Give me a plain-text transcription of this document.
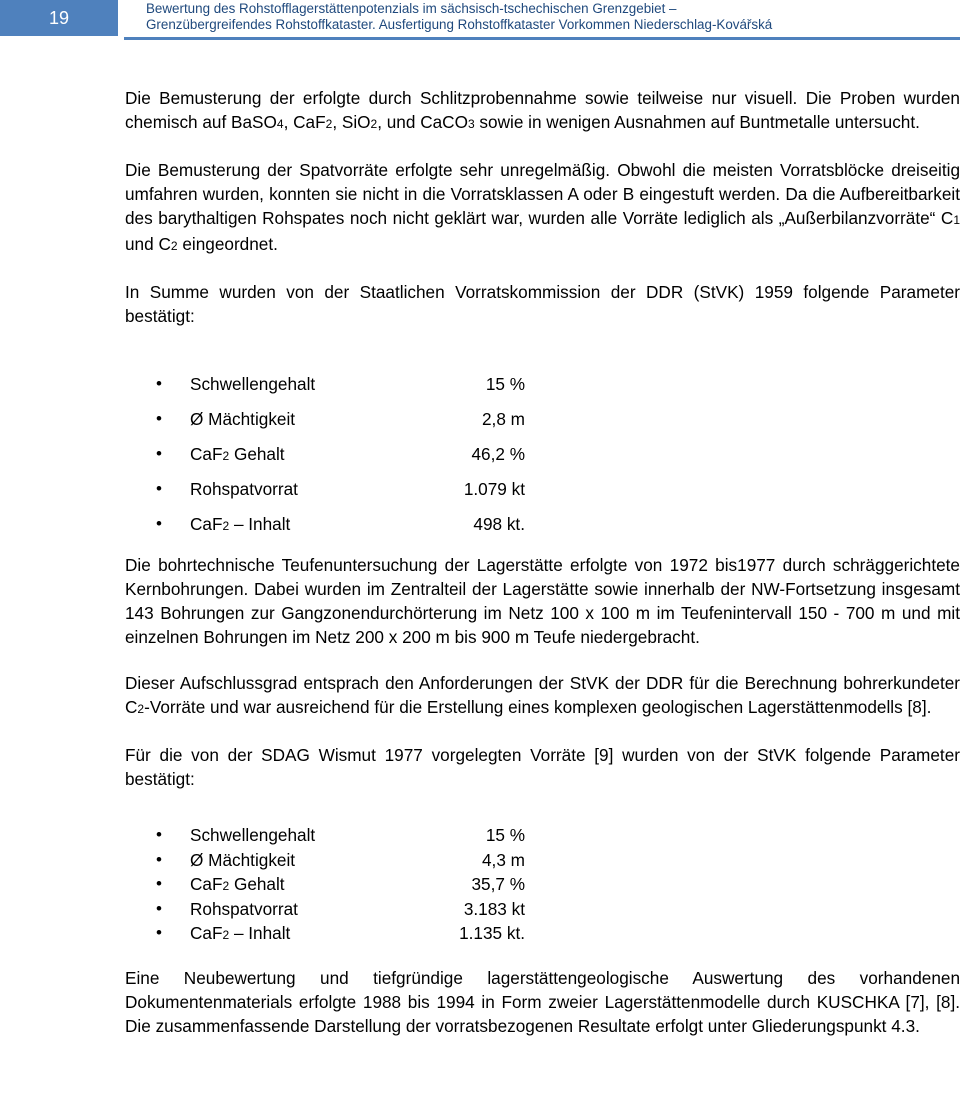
19	Bewertung des Rohstofflagerstättenpotenzials im sächsisch-tschechischen Grenzgebiet –
Grenzübergreifendes Rohstoffkataster. Ausfertigung Rohstoffkataster Vorkommen Niederschlag-Kovářská

Die Bemusterung der erfolgte durch Schlitzprobennahme sowie teilweise nur visuell. Die Proben wurden chemisch auf BaSO4, CaF2, SiO2, und CaCO3 sowie in wenigen Ausnahmen auf Buntmetalle untersucht.

Die Bemusterung der Spatvorräte erfolgte sehr unregelmäßig. Obwohl die meisten Vorratsblöcke dreiseitig umfahren wurden, konnten sie nicht in die Vorratsklassen A oder B eingestuft werden. Da die Aufbereitbarkeit des barythaltigen Rohspates noch nicht geklärt war, wurden alle Vorräte lediglich als „Außerbilanzvorräte“ C1 und C2 eingeordnet.

In Summe wurden von der Staatlichen Vorratskommission der DDR (StVK) 1959 folgende Parameter bestätigt:

• Schwellengehalt	15 %
• Ø Mächtigkeit	2,8 m
• CaF2 Gehalt	46,2 %
• Rohspatvorrat	1.079 kt
• CaF2 – Inhalt	498 kt.

Die bohrtechnische Teufenuntersuchung der Lagerstätte erfolgte von 1972 bis1977 durch schräggerichtete Kernbohrungen. Dabei wurden im Zentralteil der Lagerstätte sowie innerhalb der NW-Fortsetzung insgesamt 143 Bohrungen zur Gangzonendurchörterung im Netz 100 x 100 m im Teufenintervall 150 - 700 m und mit einzelnen Bohrungen im Netz 200 x 200 m bis 900 m Teufe niedergebracht.

Dieser Aufschlussgrad entsprach den Anforderungen der StVK der DDR für die Berechnung bohrerkundeter C2-Vorräte und war ausreichend für die Erstellung eines komplexen geologischen Lagerstättenmodells [8].

Für die von der SDAG Wismut 1977 vorgelegten Vorräte [9] wurden von der StVK folgende Parameter bestätigt:

• Schwellengehalt	15 %
• Ø Mächtigkeit	4,3 m
• CaF2 Gehalt	35,7 %
• Rohspatvorrat	3.183 kt
• CaF2 – Inhalt	1.135 kt.

Eine Neubewertung und tiefgründige lagerstättengeologische Auswertung des vorhandenen Dokumentenmaterials erfolgte 1988 bis 1994 in Form zweier Lagerstättenmodelle durch KUSCHKA [7], [8]. Die zusammenfassende Darstellung der vorratsbezogenen Resultate erfolgt unter Gliederungspunkt 4.3.
